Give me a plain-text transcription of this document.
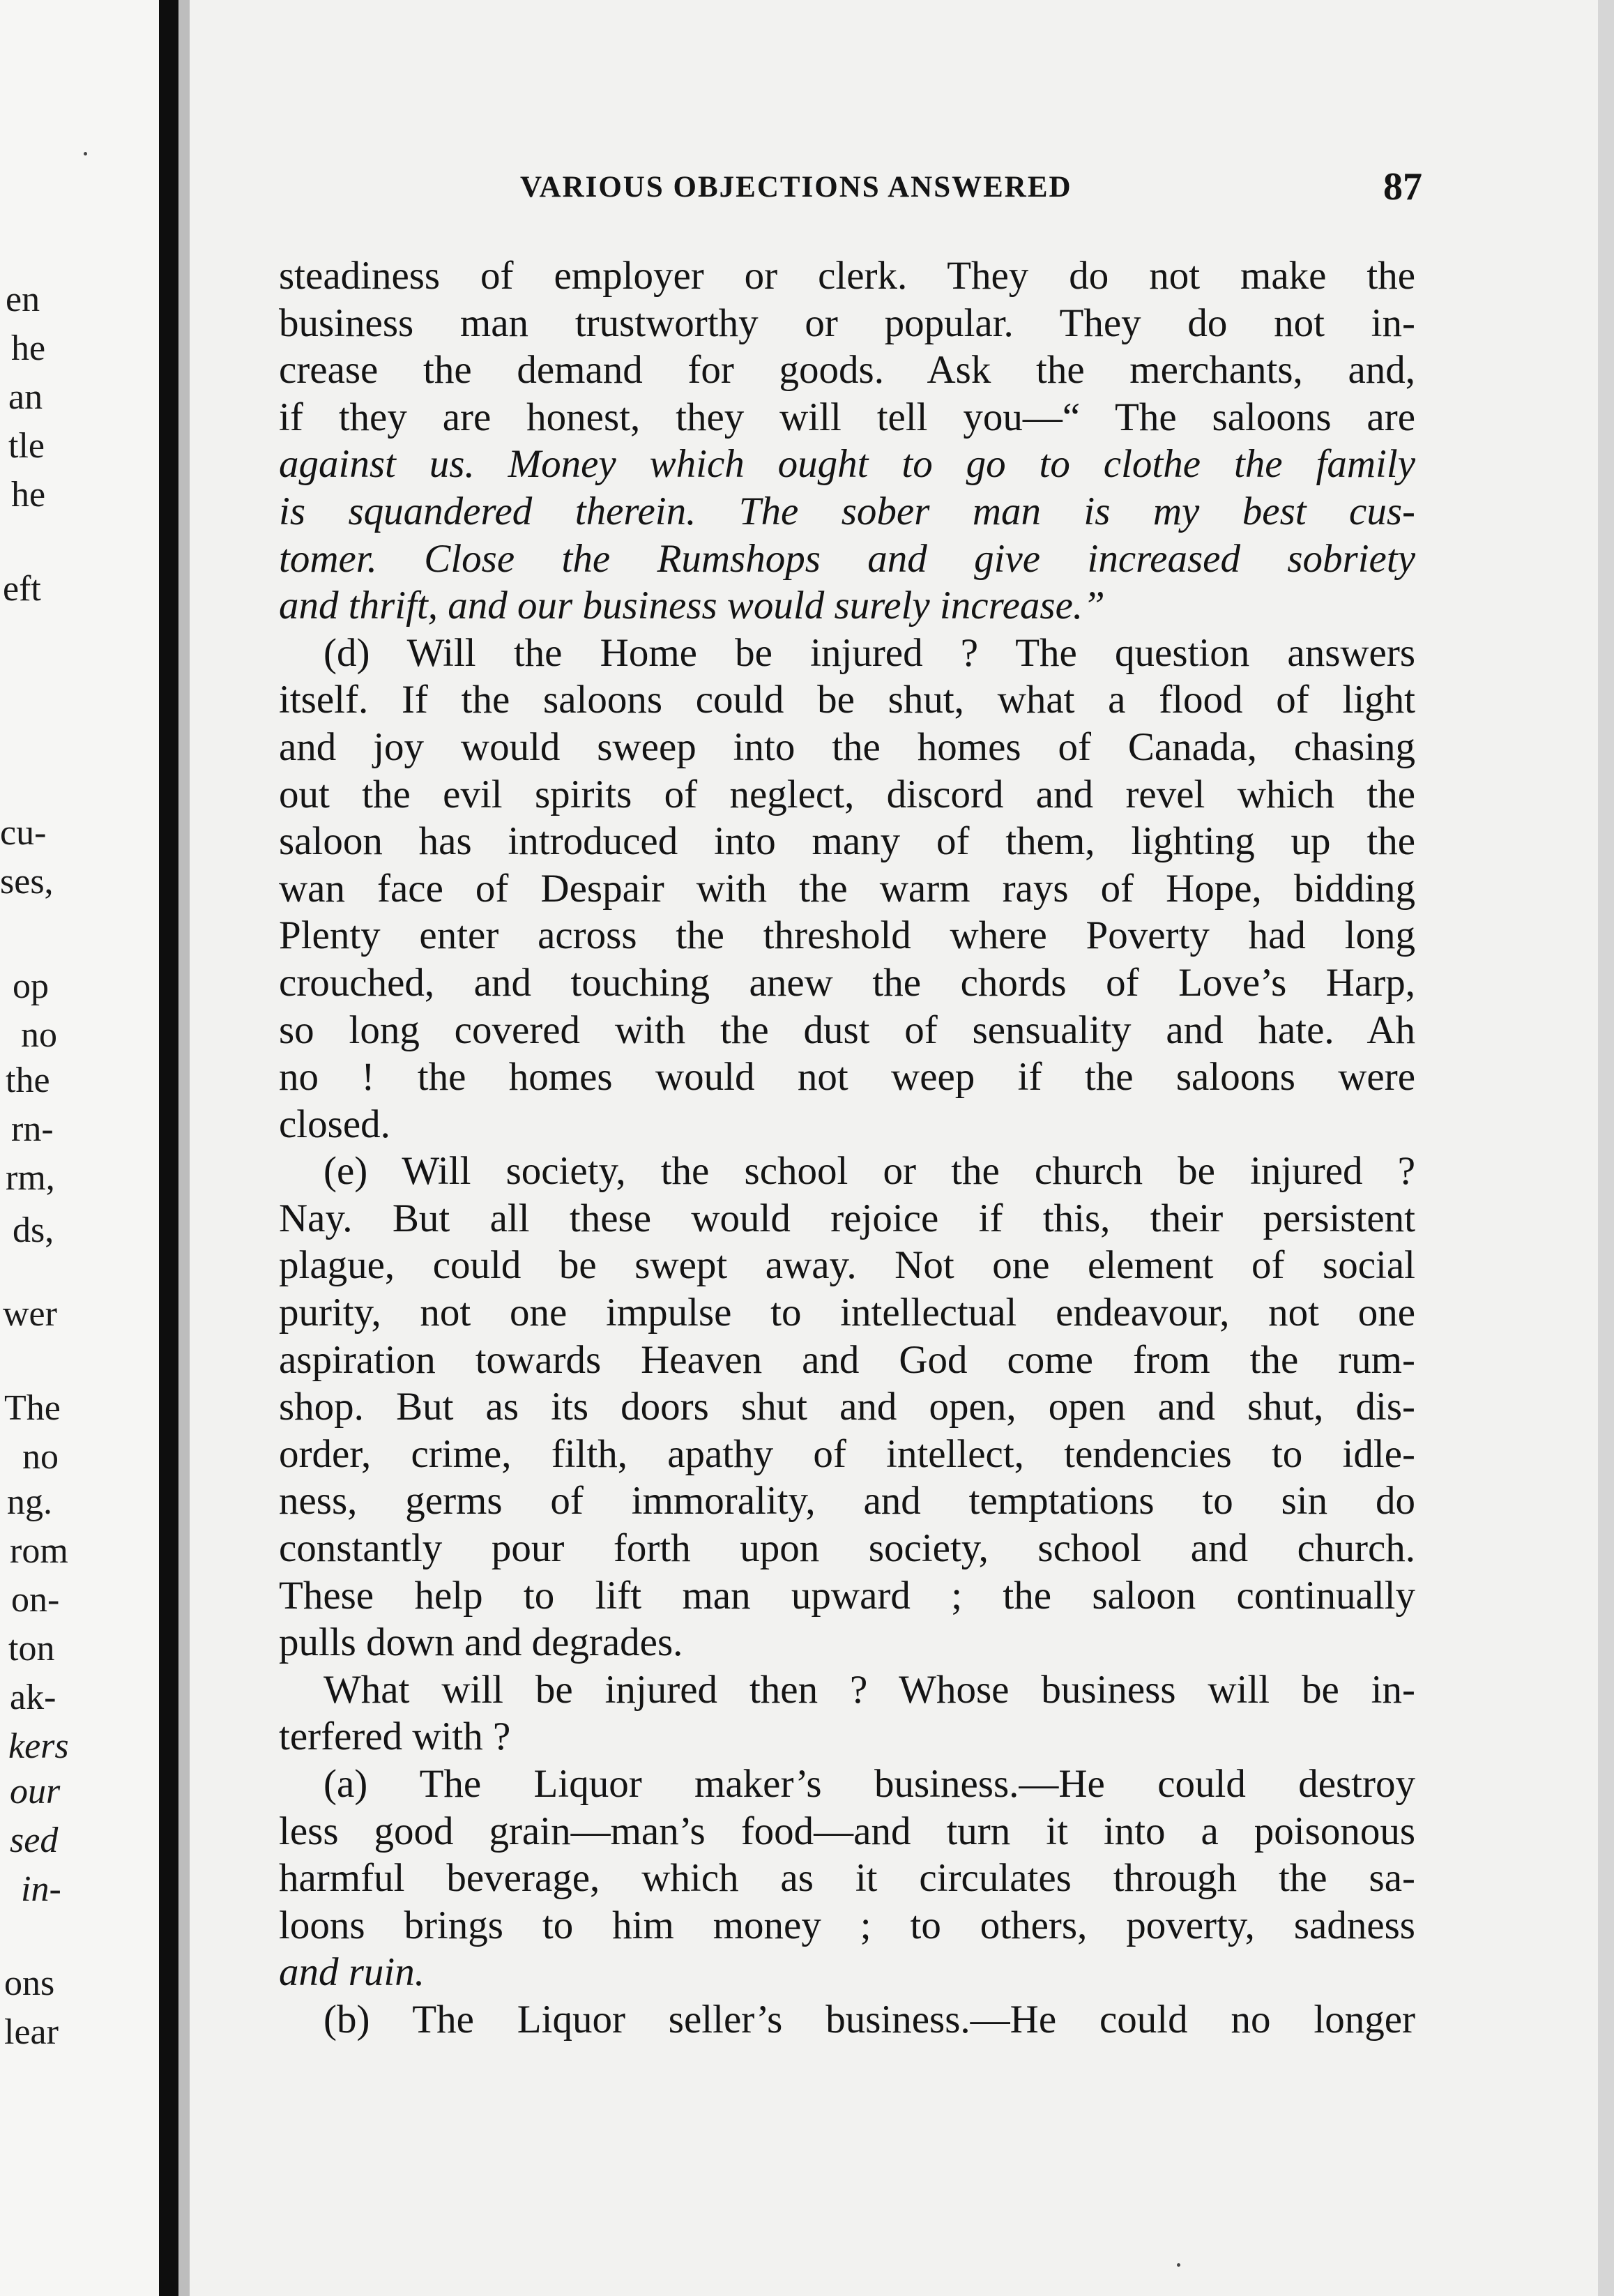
en
he
an
tle
he
eft
cu-
ses,
op
no
the
rn-
rm,
ds,
wer
The
no
ng.
rom
on-
ton
ak-
kers
our
sed
in-
ons
lear
VARIOUS OBJECTIONS ANSWERED	87
steadiness of employer or clerk. They do not make the
business man trustworthy or popular. They do not in-
crease the demand for goods. Ask the merchants, and,
if they are honest, they will tell you—“ The saloons are
against us. Money which ought to go to clothe the family
is squandered therein. The sober man is my best cus-
tomer. Close the Rumshops and give increased sobriety
and thrift, and our business would surely increase.”
(d) Will the Home be injured ? The question answers
itself. If the saloons could be shut, what a flood of light
and joy would sweep into the homes of Canada, chasing
out the evil spirits of neglect, discord and revel which the
saloon has introduced into many of them, lighting up the
wan face of Despair with the warm rays of Hope, bidding
Plenty enter across the threshold where Poverty had long
crouched, and touching anew the chords of Love’s Harp,
so long covered with the dust of sensuality and hate. Ah
no ! the homes would not weep if the saloons were
closed.
(e) Will society, the school or the church be injured ?
Nay. But all these would rejoice if this, their persistent
plague, could be swept away. Not one element of social
purity, not one impulse to intellectual endeavour, not one
aspiration towards Heaven and God come from the rum-
shop. But as its doors shut and open, open and shut, dis-
order, crime, filth, apathy of intellect, tendencies to idle-
ness, germs of immorality, and temptations to sin do
constantly pour forth upon society, school and church.
These help to lift man upward ; the saloon continually
pulls down and degrades.
What will be injured then ? Whose business will be in-
terfered with ?
(a) The Liquor maker’s business.—He could destroy
less good grain—man’s food—and turn it into a poisonous
harmful beverage, which as it circulates through the sa-
loons brings to him money ; to others, poverty, sadness
and ruin.
(b) The Liquor seller’s business.—He could no longer
